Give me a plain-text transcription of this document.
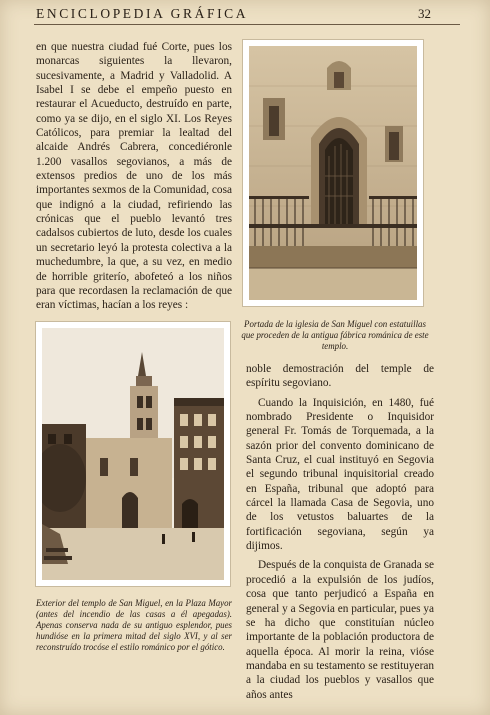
ENCICLOPEDIA GRÁFICA	32

en que nuestra ciudad fué Corte, pues los monarcas siguientes la llevaron, sucesivamente, a Madrid y Valladolid. A Isabel I se debe el empeño puesto en restaurar el Acueducto, destruído en parte, como ya se dijo, en el siglo XI. Los Reyes Católicos, para premiar la lealtad del alcaide Andrés Cabrera, concediéronle 1.200 vasallos segovianos, a más de extensos predios de uno de los más importantes sexmos de la Comunidad, cosa que indignó a la ciudad, refiriendo las crónicas que el pueblo levantó tres cadalsos cubiertos de luto, desde los cuales un secretario leyó la protesta colectiva a la muchedumbre, la que, a su vez, en medio de horrible griterío, abofeteó a los niños para que recordasen la reclamación de que eran víctimas, hacían a los reyes :

Portada de la iglesia de San Miguel con estatuillas que proceden de la antigua fábrica románica de este templo.
Exterior del templo de San Miguel, en la Plaza Mayor (antes del incendio de las casas a él apegadas). Apenas conserva nada de su antiguo esplendor, pues hundióse en la primera mitad del siglo XVI, y al ser reconstruído trocóse el estilo románico por el gótico.

noble demostración del temple de espíritu segoviano.

Cuando la Inquisición, en 1480, fué nombrado Presidente o Inquisidor general Fr. Tomás de Torquemada, a la sazón prior del convento dominicano de Santa Cruz, el cual instituyó en Segovia el segundo tribunal inquisitorial creado en España, tribunal que adoptó para cárcel la llamada Casa de Segovia, uno de los vetustos baluartes de la fortificación segoviana, según ya dijimos.

Después de la conquista de Granada se procedió a la expulsión de los judíos, cosa que tanto perjudicó a España en general y a Segovia en particular, pues ya se ha dicho que constituían núcleo importante de la población productora de aquella época. Al morir la reina, vióse mandaba en su testamento se restituyeran a la ciudad los pueblos y vasallos que años antes
